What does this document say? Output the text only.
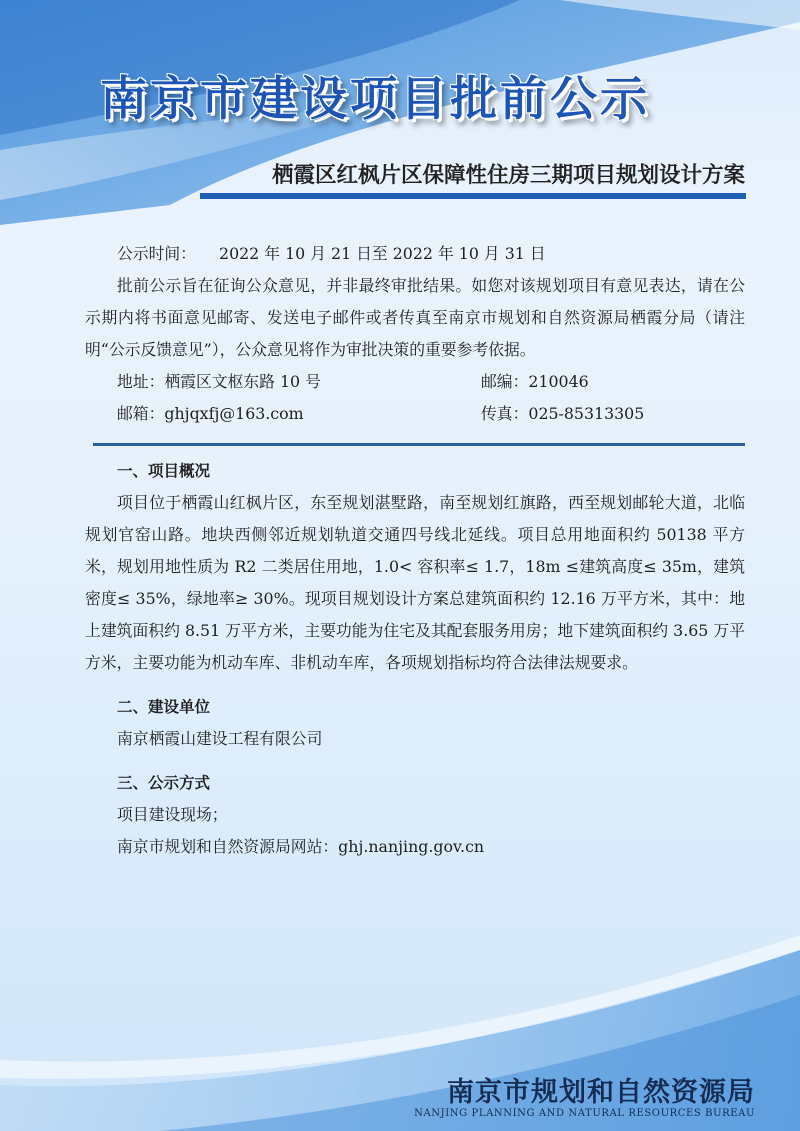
南京市建设项目批前公示
栖霞区红枫片区保障性住房三期项目规划设计方案
公示时间： 2022 年 10 月 21 日至 2022 年 10 月 31 日

批前公示旨在征询公众意见，并非最终审批结果。如您对该规划项目有意见表达，请在公示期内将书面意见邮寄、发送电子邮件或者传真至南京市规划和自然资源局栖霞分局（请注明“公示反馈意见”），公众意见将作为审批决策的重要参考依据。

地址：栖霞区文枢东路 10 号	邮编：210046
邮箱：ghjqxfj@163.com	传真：025-85313305
一、项目概况

项目位于栖霞山红枫片区，东至规划湛墅路，南至规划红旗路，西至规划邮轮大道，北临规划官窑山路。地块西侧邻近规划轨道交通四号线北延线。项目总用地面积约 50138 平方米，规划用地性质为 R2 二类居住用地，1.0< 容积率≤ 1.7，18m ≤建筑高度≤ 35m，建筑密度≤ 35%，绿地率≥ 30%。现项目规划设计方案总建筑面积约 12.16 万平方米，其中：地上建筑面积约 8.51 万平方米，主要功能为住宅及其配套服务用房；地下建筑面积约 3.65 万平方米，主要功能为机动车库、非机动车库，各项规划指标均符合法律法规要求。

二、建设单位
南京栖霞山建设工程有限公司
三、公示方式
项目建设现场；
南京市规划和自然资源局网站：ghj.nanjing.gov.cn
南京市规划和自然资源局
NANJING PLANNING AND NATURAL RESOURCES BUREAU
